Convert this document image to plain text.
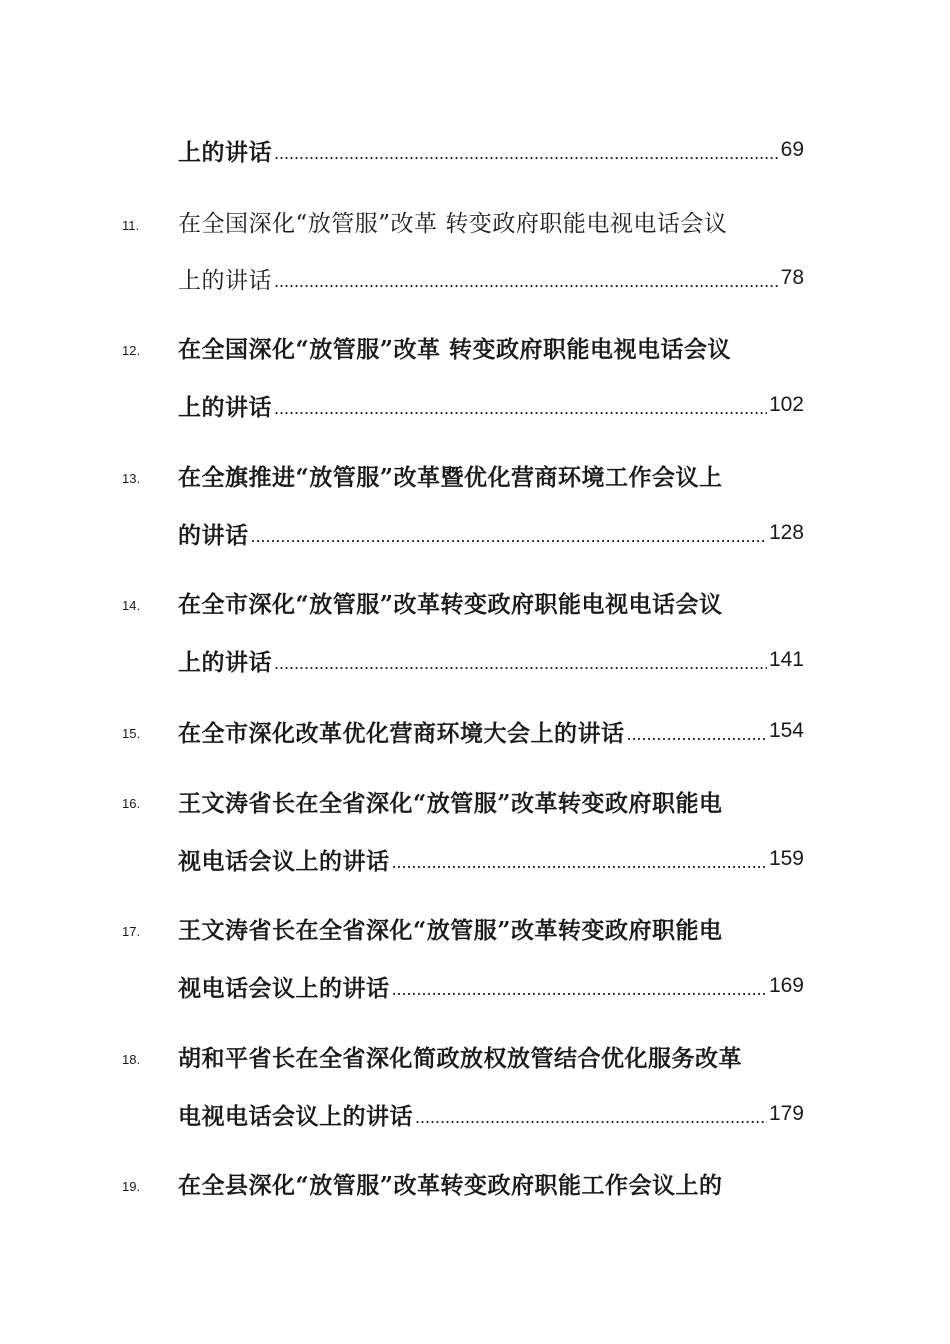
上的讲话 .....	69
11.	在全国深化“放管服”改革 转变政府职能电视电话会议
上的讲话 .....	78
12.	在全国深化“放管服”改革 转变政府职能电视电话会议
上的讲话 .....	102
13.	在全旗推进“放管服”改革暨优化营商环境工作会议上
的讲话 .....	128
14.	在全市深化“放管服”改革转变政府职能电视电话会议
上的讲话 .....	141
15.	在全市深化改革优化营商环境大会上的讲话 .....	154
16.	王文涛省长在全省深化“放管服”改革转变政府职能电
视电话会议上的讲话 .....	159
17.	王文涛省长在全省深化“放管服”改革转变政府职能电
视电话会议上的讲话 .....	169
18.	胡和平省长在全省深化简政放权放管结合优化服务改革
电视电话会议上的讲话 .....	179
19.	在全县深化“放管服”改革转变政府职能工作会议上的
